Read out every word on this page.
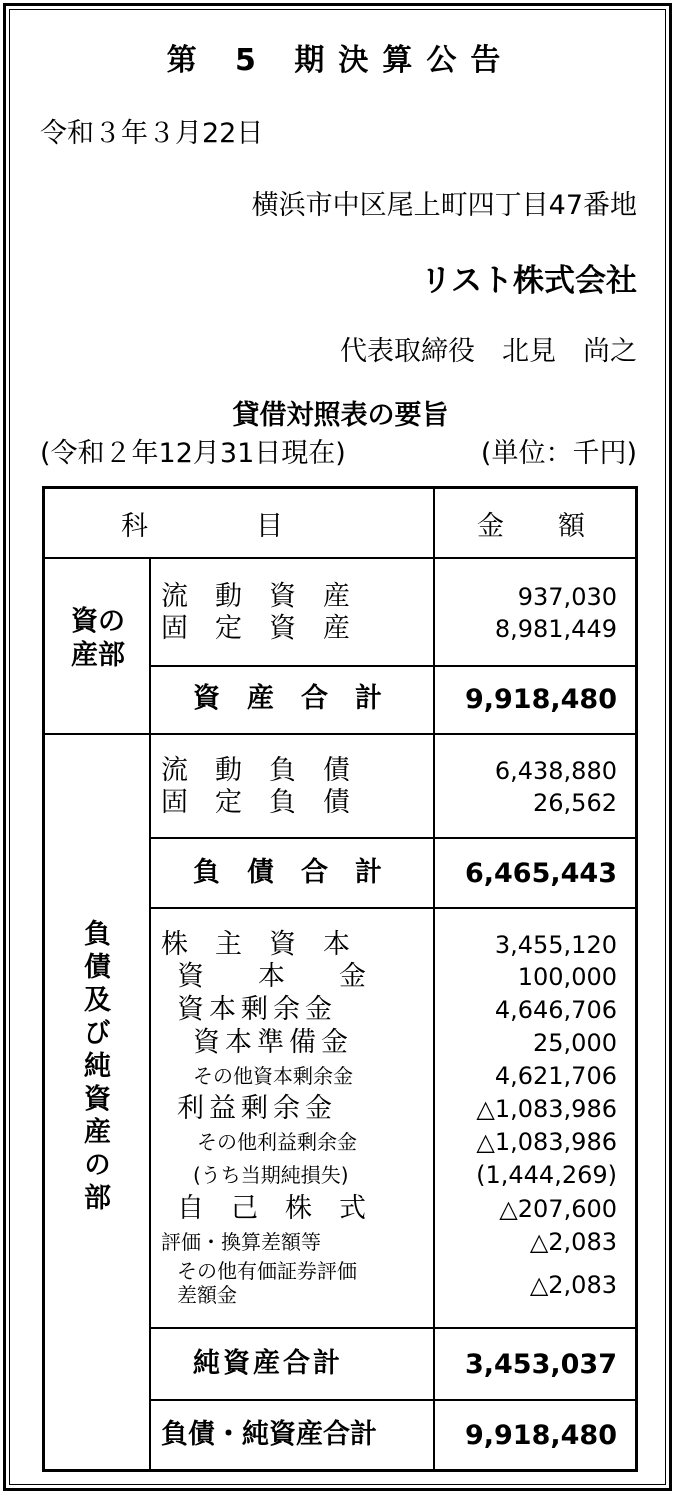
第 5 期決算公告
令和３年３月22日
横浜市中区尾上町四丁目47番地
リスト株式会社
代表取締役　北見　尚之
貸借対照表の要旨
(令和２年12月31日現在)	(単位：千円)
科　　　　目	金　　額
資の産部
流　動　資　産	937,030
固　定　資　産	8,981,449
資　産　合　計	9,918,480
負債及び純資産の部
流　動　負　債	6,438,880
固　定　負　債	26,562
負　債　合　計	6,465,443
株　主　資　本	3,455,120
資　　本　　金	100,000
資本剰余金	4,646,706
資本準備金	25,000
その他資本剰余金	4,621,706
利益剰余金	△1,083,986
その他利益剰余金	△1,083,986
(うち当期純損失)	(1,444,269)
自　己　株　式	△207,600
評価・換算差額等	△2,083
その他有価証券評価
差額金	△2,083
純資産合計	3,453,037
負債・純資産合計	9,918,480
